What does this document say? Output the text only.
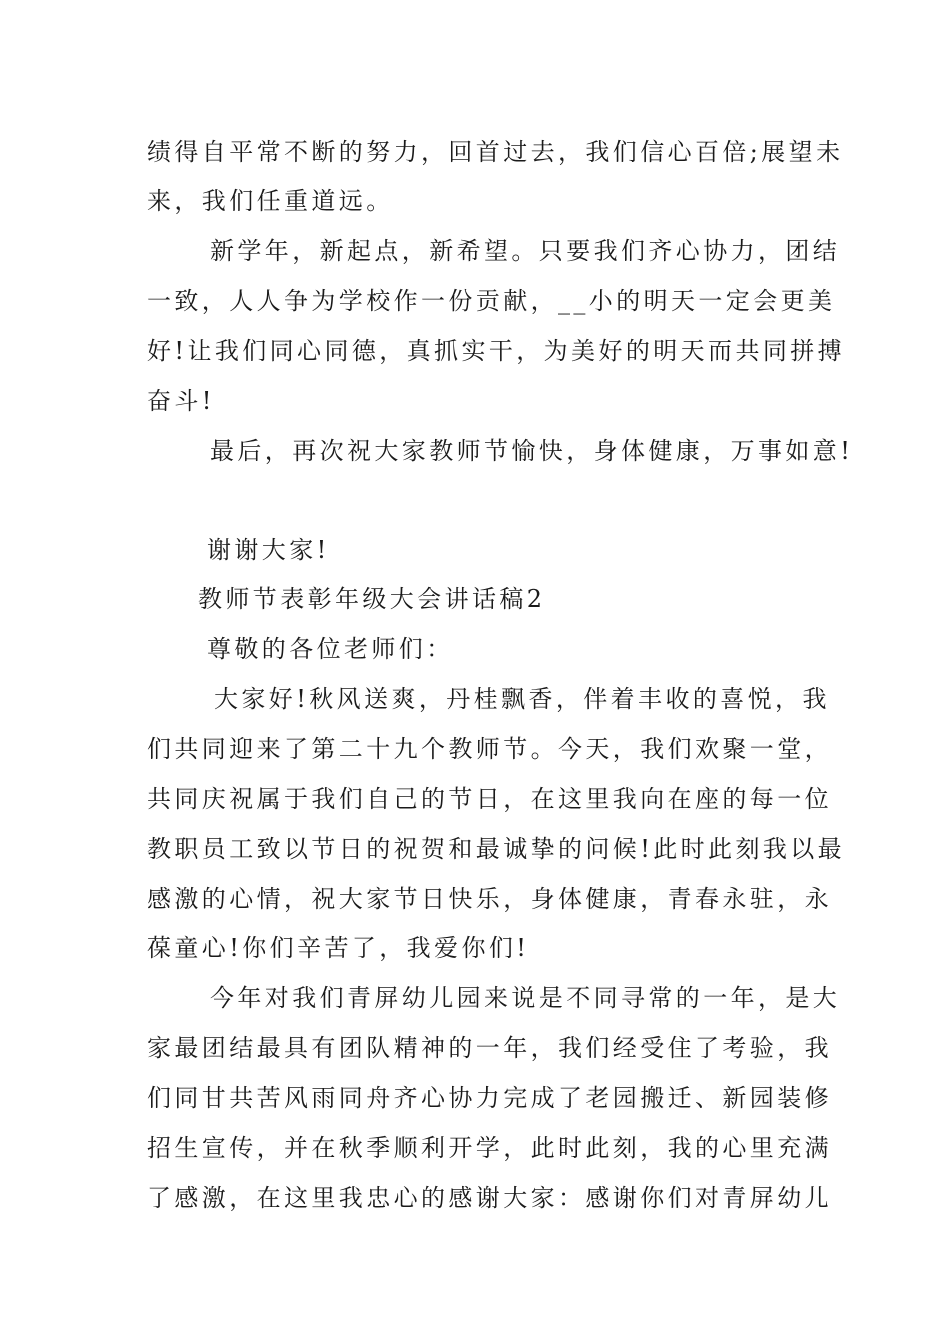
绩得自平常不断的努力，回首过去，我们信心百倍;展望未
来，我们任重道远。
新学年，新起点，新希望。只要我们齐心协力，团结
一致，人人争为学校作一份贡献，__小的明天一定会更美
好!让我们同心同德，真抓实干，为美好的明天而共同拼搏
奋斗!
最后，再次祝大家教师节愉快，身体健康，万事如意!
谢谢大家!
教师节表彰年级大会讲话稿2
尊敬的各位老师们：
大家好!秋风送爽，丹桂飘香，伴着丰收的喜悦，我
们共同迎来了第二十九个教师节。今天，我们欢聚一堂，
共同庆祝属于我们自己的节日，在这里我向在座的每一位
教职员工致以节日的祝贺和最诚挚的问候!此时此刻我以最
感激的心情，祝大家节日快乐，身体健康，青春永驻，永
葆童心!你们辛苦了，我爱你们!
今年对我们青屏幼儿园来说是不同寻常的一年，是大
家最团结最具有团队精神的一年，我们经受住了考验，我
们同甘共苦风雨同舟齐心协力完成了老园搬迁、新园装修
招生宣传，并在秋季顺利开学，此时此刻，我的心里充满
了感激，在这里我忠心的感谢大家：感谢你们对青屏幼儿
